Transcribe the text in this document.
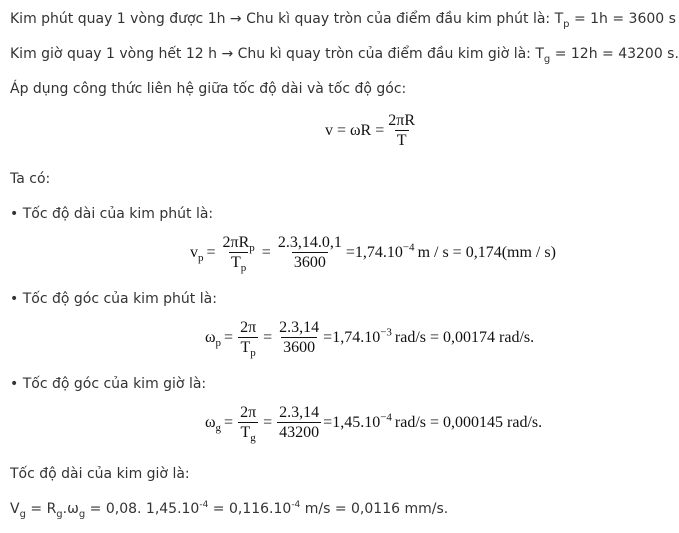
Kim phút quay 1 vòng được 1h → Chu kì quay tròn của điểm đầu kim phút là: $T_p = 1h = 3600$ s
Kim giờ quay 1 vòng hết 12 h → Chu kì quay tròn của điểm đầu kim giờ là: $T_g = 12h = 43200$ s.
Áp dụng công thức liên hệ giữa tốc độ dài và tốc độ góc:
$v = \omega R = \frac{2\pi R}{T}$
Ta có:
• Tốc độ dài của kim phút là:
$v_p = \frac{2\pi R_p}{T_p} = \frac{2.3,14.0,1}{3600} =1,74.10^{-4}$ m / s = 0,174(mm / s)
• Tốc độ góc của kim phút là:
$\omega_p = \frac{2\pi}{T_p} = \frac{2.3,14}{3600} =1,74.10^{-3}$ rad/s = 0,00174 rad/s.
• Tốc độ góc của kim giờ là:
$\omega_g = \frac{2\pi}{T_g} = \frac{2.3,14}{43200} =1,45.10^{-4}$ rad/s = 0,000145 rad/s.
Tốc độ dài của kim giờ là:
$V_g = R_g.\omega_g = 0,08$. $1,45.10^{-4} = 0,116.10^{-4}$ m/s = 0,0116 mm/s.
